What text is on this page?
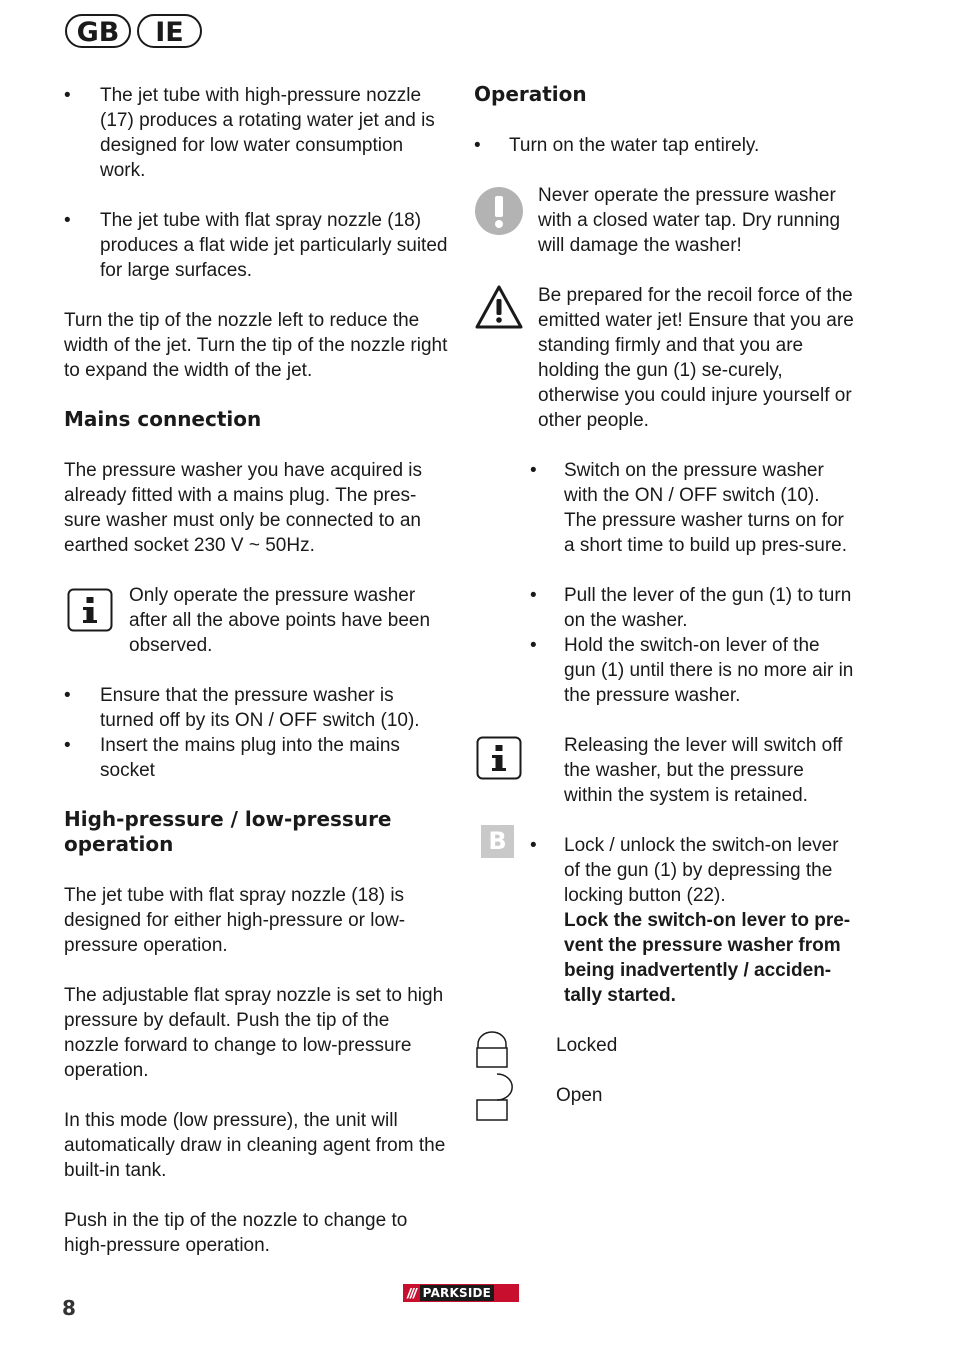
GB	IE
•	The jet tube with high-pressure nozzle (17) produces a rotating water jet and is designed for low water consumption work.
•	The jet tube with flat spray nozzle (18) produces a flat wide jet particularly suited for large surfaces.

Turn the tip of the nozzle left to reduce the width of the jet. Turn the tip of the nozzle right to expand the width of the jet.

Mains connection

The pressure washer you have acquired is already fitted with a mains plug. The pres-sure washer must only be connected to an earthed socket 230 V ~ 50Hz.

Only operate the pressure washer after all the above points have been observed.

•	Ensure that the pressure washer is turned off by its ON / OFF switch (10).
•	Insert the mains plug into the mains socket
High-pressure / low-pressure operation

The jet tube with flat spray nozzle (18) is designed for either high-pressure or low-pressure operation.

The adjustable flat spray nozzle is set to high pressure by default. Push the tip of the nozzle forward to change to low-pressure operation.

In this mode (low pressure), the unit will automatically draw in cleaning agent from the built-in tank.

Push in the tip of the nozzle to change to high-pressure operation.

Operation
•	Turn on the water tap entirely.

Never operate the pressure washer with a closed water tap. Dry running will damage the washer!

Be prepared for the recoil force of the emitted water jet! Ensure that you are standing firmly and that you are holding the gun (1) se-curely, otherwise you could injure yourself or other people.

•	Switch on the pressure washer with the ON / OFF switch (10). The pressure washer turns on for a short time to build up pres-sure.
•	Pull the lever of the gun (1) to turn on the washer.
•	Hold the switch-on lever of the gun (1) until there is no more air in the pressure washer.

Releasing the lever will switch off the washer, but the pressure within the system is retained.

B	•	Lock / unlock the switch-on lever of the gun (1) by depressing the locking button (22).
Lock the switch-on lever to pre-vent the pressure washer from being inadvertently / acciden-tally started.
Locked
Open
8
/// PARKSIDE
